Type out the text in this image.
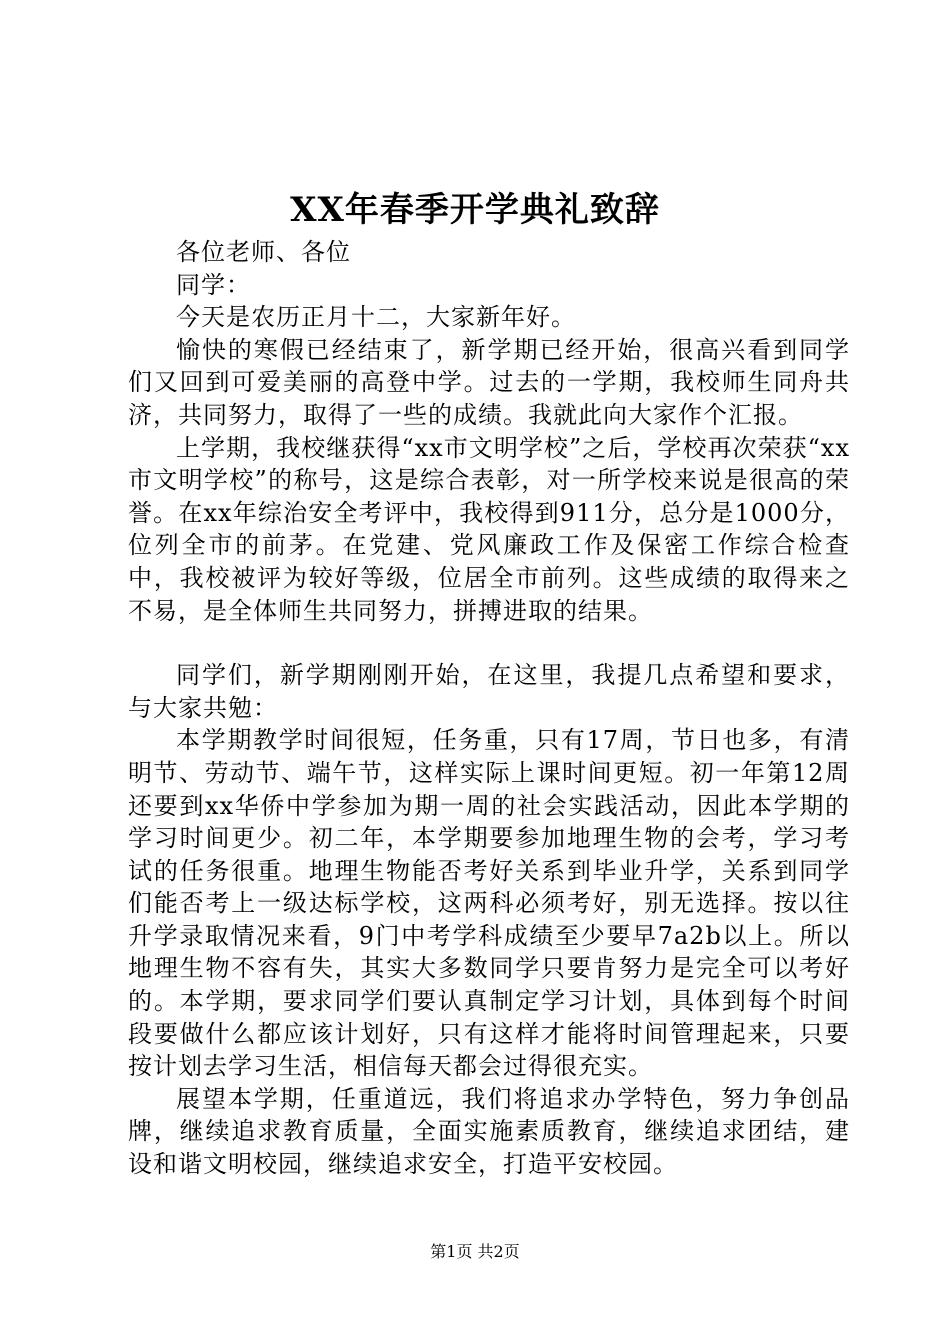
XX年春季开学典礼致辞

各位老师、各位

同学：

今天是农历正月十二，大家新年好。

愉快的寒假已经结束了，新学期已经开始，很高兴看到同学们又回到可爱美丽的高登中学。过去的一学期，我校师生同舟共济，共同努力，取得了一些的成绩。我就此向大家作个汇报。

上学期，我校继获得“xx市文明学校”之后，学校再次荣获“xx市文明学校”的称号，这是综合表彰，对一所学校来说是很高的荣誉。在xx年综治安全考评中，我校得到911分，总分是1000分，位列全市的前茅。在党建、党风廉政工作及保密工作综合检查中，我校被评为较好等级，位居全市前列。这些成绩的取得来之不易，是全体师生共同努力，拼搏进取的结果。

同学们，新学期刚刚开始，在这里，我提几点希望和要求，与大家共勉：

本学期教学时间很短，任务重，只有17周，节日也多，有清明节、劳动节、端午节，这样实际上课时间更短。初一年第12周还要到xx华侨中学参加为期一周的社会实践活动，因此本学期的学习时间更少。初二年，本学期要参加地理生物的会考，学习考试的任务很重。地理生物能否考好关系到毕业升学，关系到同学们能否考上一级达标学校，这两科必须考好，别无选择。按以往升学录取情况来看，9门中考学科成绩至少要早7a2b以上。所以地理生物不容有失，其实大多数同学只要肯努力是完全可以考好的。本学期，要求同学们要认真制定学习计划，具体到每个时间段要做什么都应该计划好，只有这样才能将时间管理起来，只要按计划去学习生活，相信每天都会过得很充实。

展望本学期，任重道远，我们将追求办学特色，努力争创品牌，继续追求教育质量，全面实施素质教育，继续追求团结，建设和谐文明校园，继续追求安全，打造平安校园。

第1页 共2页
